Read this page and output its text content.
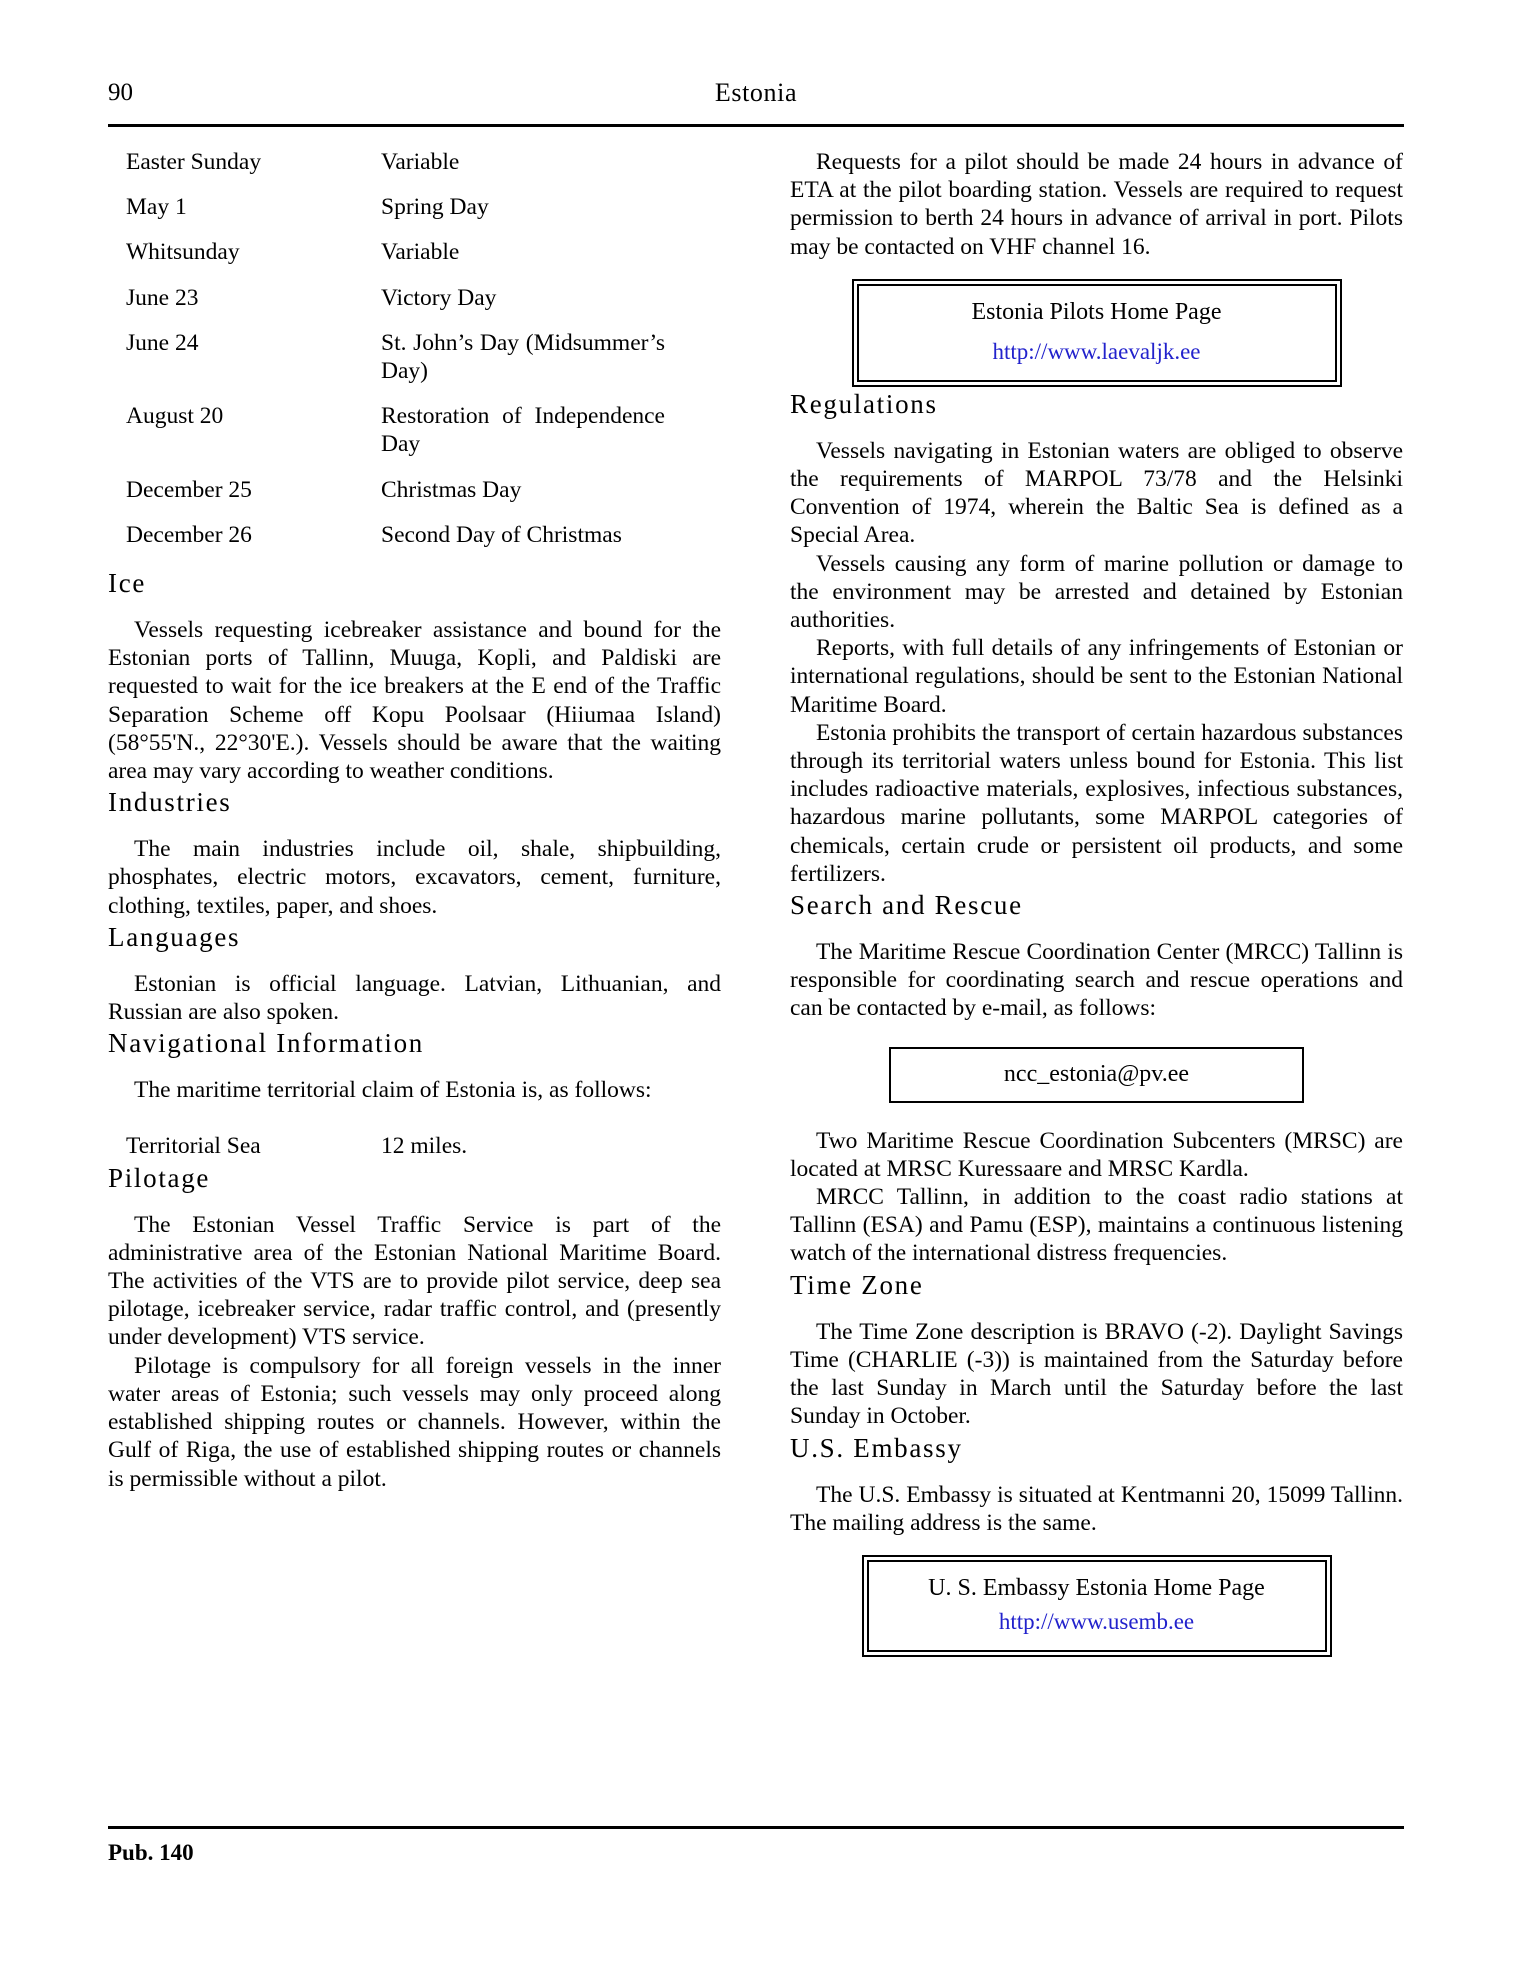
90	Estonia
Easter Sunday	Variable
May 1	Spring Day
Whitsunday	Variable
June 23	Victory Day
June 24	St. John’s Day (Midsummer’s Day)
August 20	Restoration of Independence Day
December 25	Christmas Day
December 26	Second Day of Christmas
Ice

Vessels requesting icebreaker assistance and bound for the Estonian ports of Tallinn, Muuga, Kopli, and Paldiski are requested to wait for the ice breakers at the E end of the Traffic Separation Scheme off Kopu Poolsaar (Hiiumaa Island) (58°55'N., 22°30'E.). Vessels should be aware that the waiting area may vary according to weather conditions.

Industries

The main industries include oil, shale, shipbuilding, phosphates, electric motors, excavators, cement, furniture, clothing, textiles, paper, and shoes.

Languages

Estonian is official language. Latvian, Lithuanian, and Russian are also spoken.

Navigational Information

The maritime territorial claim of Estonia is, as follows:

Territorial Sea	12 miles.
Pilotage

The Estonian Vessel Traffic Service is part of the administrative area of the Estonian National Maritime Board. The activities of the VTS are to provide pilot service, deep sea pilotage, icebreaker service, radar traffic control, and (presently under development) VTS service.

Pilotage is compulsory for all foreign vessels in the inner water areas of Estonia; such vessels may only proceed along established shipping routes or channels. However, within the Gulf of Riga, the use of established shipping routes or channels is permissible without a pilot.

Requests for a pilot should be made 24 hours in advance of ETA at the pilot boarding station. Vessels are required to request permission to berth 24 hours in advance of arrival in port. Pilots may be contacted on VHF channel 16.

Estonia Pilots Home Page
http://www.laevaljk.ee
Regulations

Vessels navigating in Estonian waters are obliged to observe the requirements of MARPOL 73/78 and the Helsinki Convention of 1974, wherein the Baltic Sea is defined as a Special Area.

Vessels causing any form of marine pollution or damage to the environment may be arrested and detained by Estonian authorities.

Reports, with full details of any infringements of Estonian or international regulations, should be sent to the Estonian National Maritime Board.

Estonia prohibits the transport of certain hazardous substances through its territorial waters unless bound for Estonia. This list includes radioactive materials, explosives, infectious substances, hazardous marine pollutants, some MARPOL categories of chemicals, certain crude or persistent oil products, and some fertilizers.

Search and Rescue

The Maritime Rescue Coordination Center (MRCC) Tallinn is responsible for coordinating search and rescue operations and can be contacted by e-mail, as follows:

ncc_estonia@pv.ee

Two Maritime Rescue Coordination Subcenters (MRSC) are located at MRSC Kuressaare and MRSC Kardla.

MRCC Tallinn, in addition to the coast radio stations at Tallinn (ESA) and Pamu (ESP), maintains a continuous listening watch of the international distress frequencies.

Time Zone

The Time Zone description is BRAVO (-2). Daylight Savings Time (CHARLIE (-3)) is maintained from the Saturday before the last Sunday in March until the Saturday before the last Sunday in October.

U.S. Embassy

The U.S. Embassy is situated at Kentmanni 20, 15099 Tallinn. The mailing address is the same.

U. S. Embassy Estonia Home Page
http://www.usemb.ee
Pub. 140
